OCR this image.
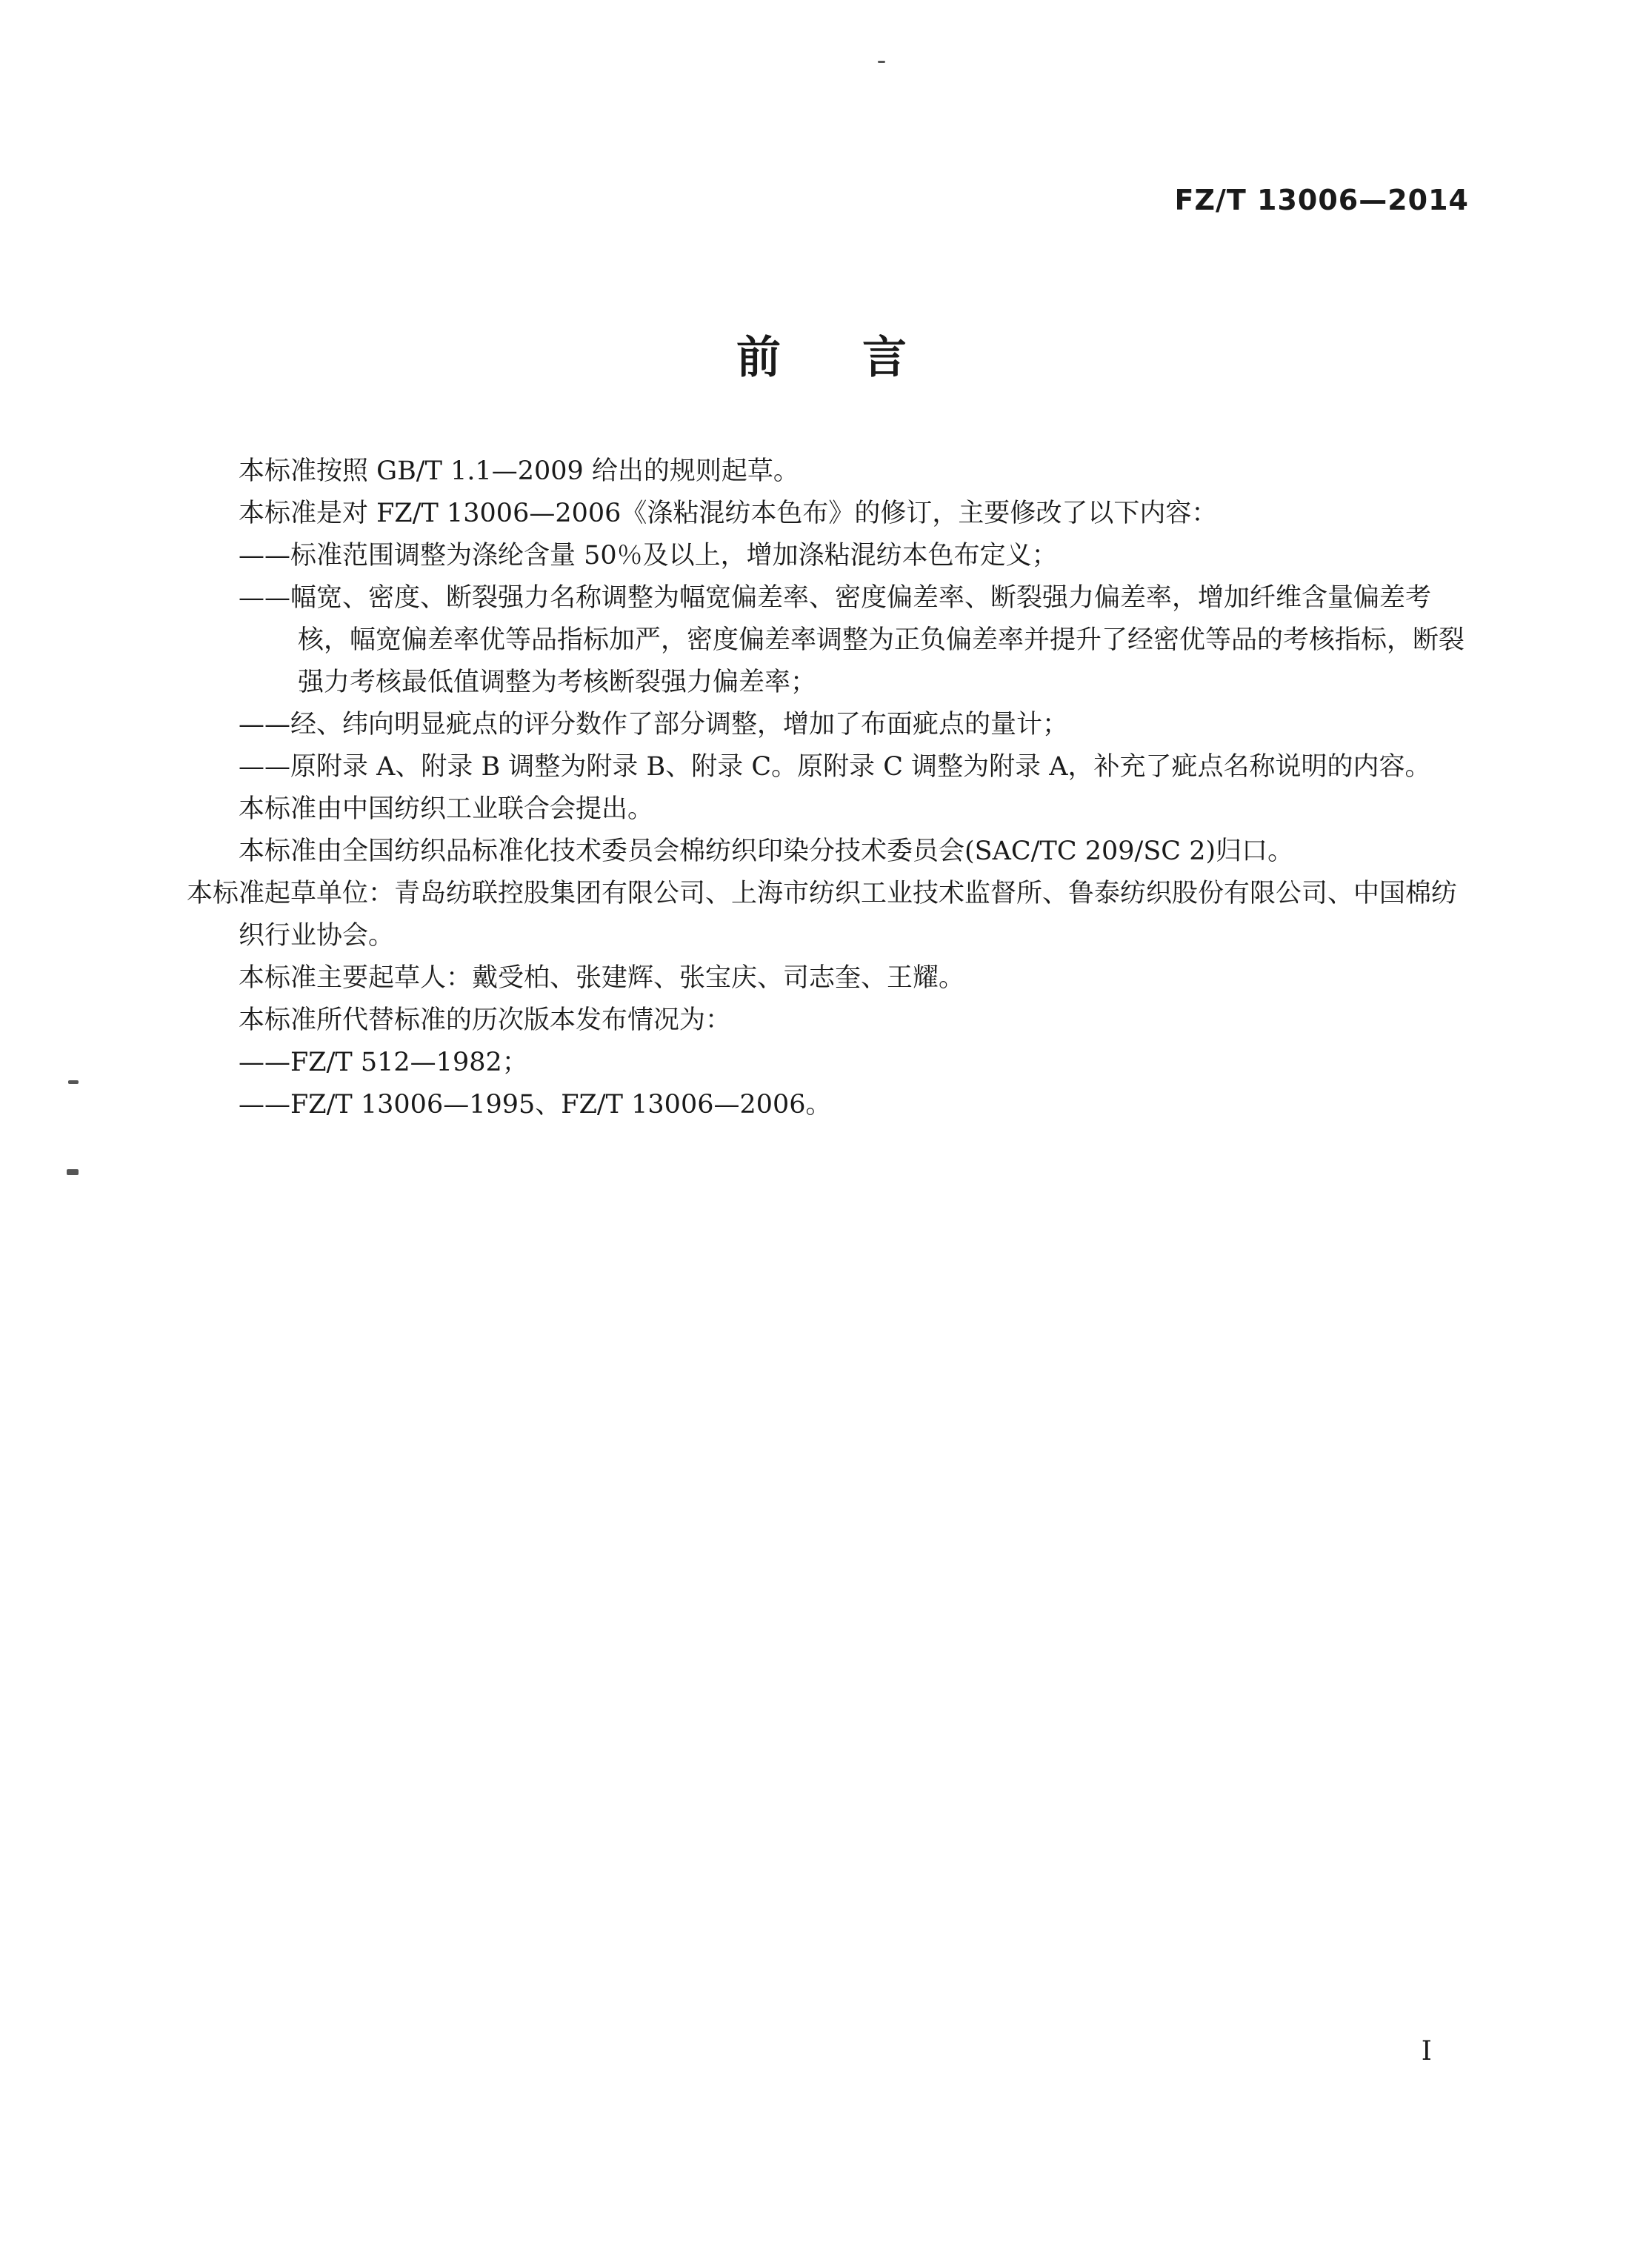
FZ/T 13006—2014
前 言

本标准按照 GB/T 1.1—2009 给出的规则起草。

本标准是对 FZ/T 13006—2006《涤粘混纺本色布》的修订，主要修改了以下内容：

——标准范围调整为涤纶含量 50％及以上，增加涤粘混纺本色布定义；

——幅宽、密度、断裂强力名称调整为幅宽偏差率、密度偏差率、断裂强力偏差率，增加纤维含量偏差考核，幅宽偏差率优等品指标加严，密度偏差率调整为正负偏差率并提升了经密优等品的考核指标，断裂强力考核最低值调整为考核断裂强力偏差率；

——经、纬向明显疵点的评分数作了部分调整，增加了布面疵点的量计；

——原附录 A、附录 B 调整为附录 B、附录 C。原附录 C 调整为附录 A，补充了疵点名称说明的内容。

本标准由中国纺织工业联合会提出。

本标准由全国纺织品标准化技术委员会棉纺织印染分技术委员会(SAC/TC 209/SC 2)归口。

本标准起草单位：青岛纺联控股集团有限公司、上海市纺织工业技术监督所、鲁泰纺织股份有限公司、中国棉纺织行业协会。

本标准主要起草人：戴受柏、张建辉、张宝庆、司志奎、王耀。

本标准所代替标准的历次版本发布情况为：

——FZ/T 512—1982；

——FZ/T 13006—1995、FZ/T 13006—2006。

I
